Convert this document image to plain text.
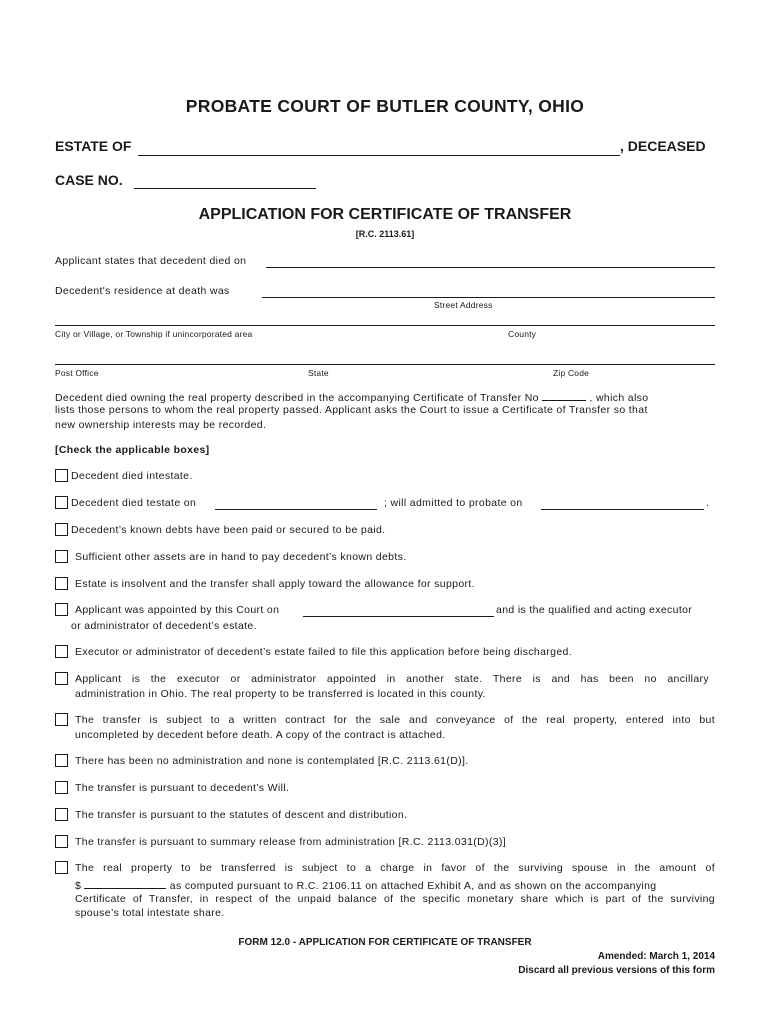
PROBATE COURT OF BUTLER COUNTY, OHIO
ESTATE OF	, DECEASED
CASE NO.
APPLICATION FOR CERTIFICATE OF TRANSFER
[R.C. 2113.61]
Applicant states that decedent died on
Decedent's residence at death was
Street Address
City or Village, or Township if unincorporated area	County
Post Office	State	Zip Code
Decedent died owning the real property described in the accompanying Certificate of Transfer No	, which also
lists those persons to whom the real property passed. Applicant asks the Court to issue a Certificate of Transfer so that
new ownership interests may be recorded.
[Check the applicable boxes]
Decedent died intestate.
Decedent died testate on	; will admitted to probate on	.
Decedent’s known debts have been paid or secured to be paid.
Sufficient other assets are in hand to pay decedent’s known debts.
Estate is insolvent and the transfer shall apply toward the allowance for support.
Applicant was appointed by this Court on	and is the qualified and acting executor
or administrator of decedent’s estate.
Executor or administrator of decedent’s estate failed to file this application before being discharged.
Applicant is the executor or administrator appointed in another state. There is and has been no ancillary
administration in Ohio. The real property to be transferred is located in this county.
The transfer is subject to a written contract for the sale and conveyance of the real property, entered into but
uncompleted by decedent before death. A copy of the contract is attached.
There has been no administration and none is contemplated [R.C. 2113.61(D)].
The transfer is pursuant to decedent’s Will.
The transfer is pursuant to the statutes of descent and distribution.
The transfer is pursuant to summary release from administration [R.C. 2113.031(D)(3)]
The real property to be transferred is subject to a charge in favor of the surviving spouse in the amount of
$	as computed pursuant to R.C. 2106.11 on attached Exhibit A, and as shown on the accompanying
Certificate of Transfer, in respect of the unpaid balance of the specific monetary share which is part of the surviving
spouse’s total intestate share.
FORM 12.0 - APPLICATION FOR CERTIFICATE OF TRANSFER
Amended: March 1, 2014
Discard all previous versions of this form
